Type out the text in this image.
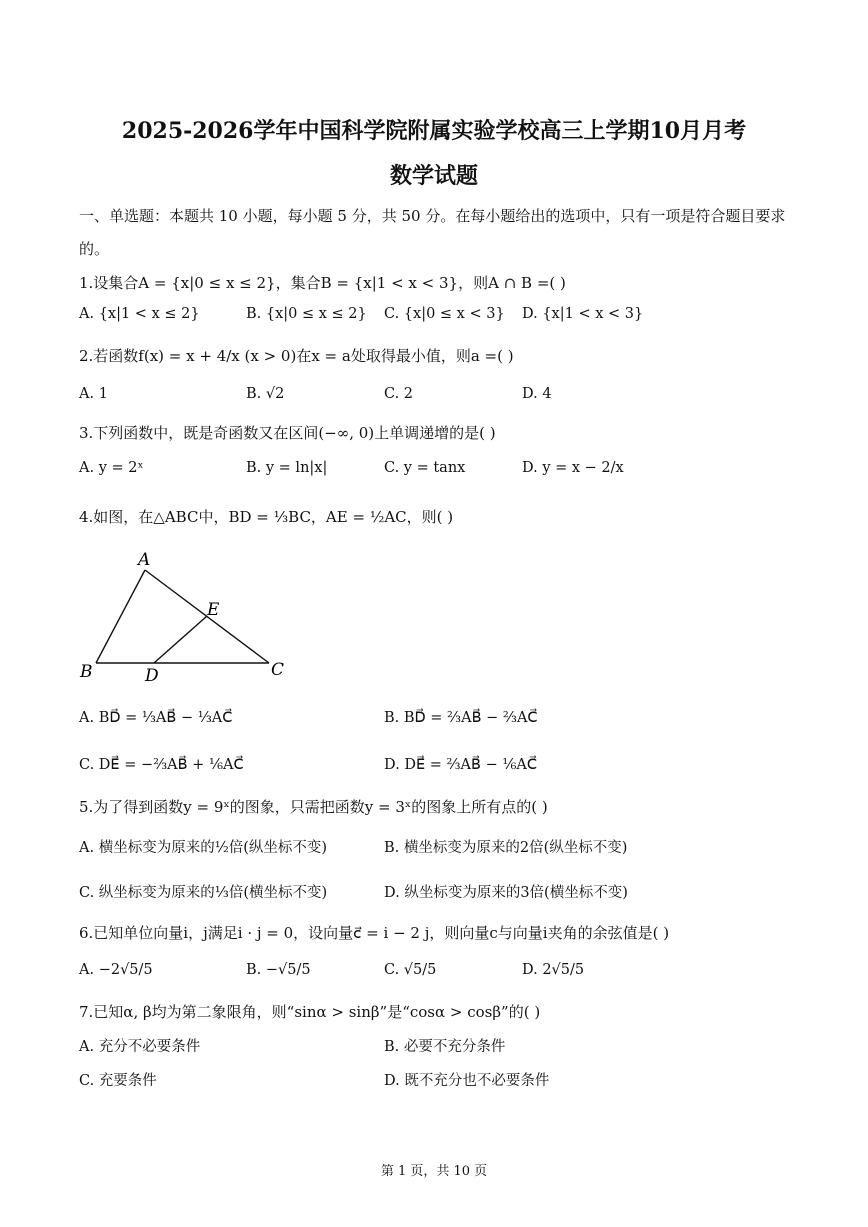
2025-2026学年中国科学院附属实验学校高三上学期10月月考
数学试题
一、单选题：本题共 10 小题，每小题 5 分，共 50 分。在每小题给出的选项中，只有一项是符合题目要求
的。
1.设集合A = {x|0 ≤ x ≤ 2}，集合B = {x|1 < x < 3}，则A ∩ B =( )
A. {x|1 < x ≤ 2}	B. {x|0 ≤ x ≤ 2} C. {x|0 ≤ x < 3} D. {x|1 < x < 3}
2.若函数f(x) = x + 4/x (x > 0)在x = a处取得最小值，则a =( )
A. 1	B. √2	C. 2	D. 4
3.下列函数中，既是奇函数又在区间(−∞, 0)上单调递增的是( )
A. y = 2ˣ	B. y = ln|x|	C. y = tanx	D. y = x − 2/x
4.如图，在△ABC中，BD = ⅓BC，AE = ½AC，则( )
A
B	C
D
E
A. BD⃗ = ⅓AB⃗ − ⅓AC⃗	B. BD⃗ = ⅔AB⃗ − ⅔AC⃗
C. DE⃗ = −⅔AB⃗ + ⅙AC⃗	D. DE⃗ = ⅔AB⃗ − ⅙AC⃗
5.为了得到函数y = 9ˣ的图象，只需把函数y = 3ˣ的图象上所有点的( )
A. 横坐标变为原来的½倍(纵坐标不变)	B. 横坐标变为原来的2倍(纵坐标不变)
C. 纵坐标变为原来的⅓倍(横坐标不变)	D. 纵坐标变为原来的3倍(横坐标不变)
6.已知单位向量i，j满足i · j = 0，设向量c⃗ = i − 2 j，则向量c与向量i夹角的余弦值是( )
A. −2√5/5	B. −√5/5	C. √5/5	D. 2√5/5
7.已知α, β均为第二象限角，则“sinα > sinβ”是“cosα > cosβ”的( )
A. 充分不必要条件	B. 必要不充分条件
C. 充要条件	D. 既不充分也不必要条件
第 1 页，共 10 页
